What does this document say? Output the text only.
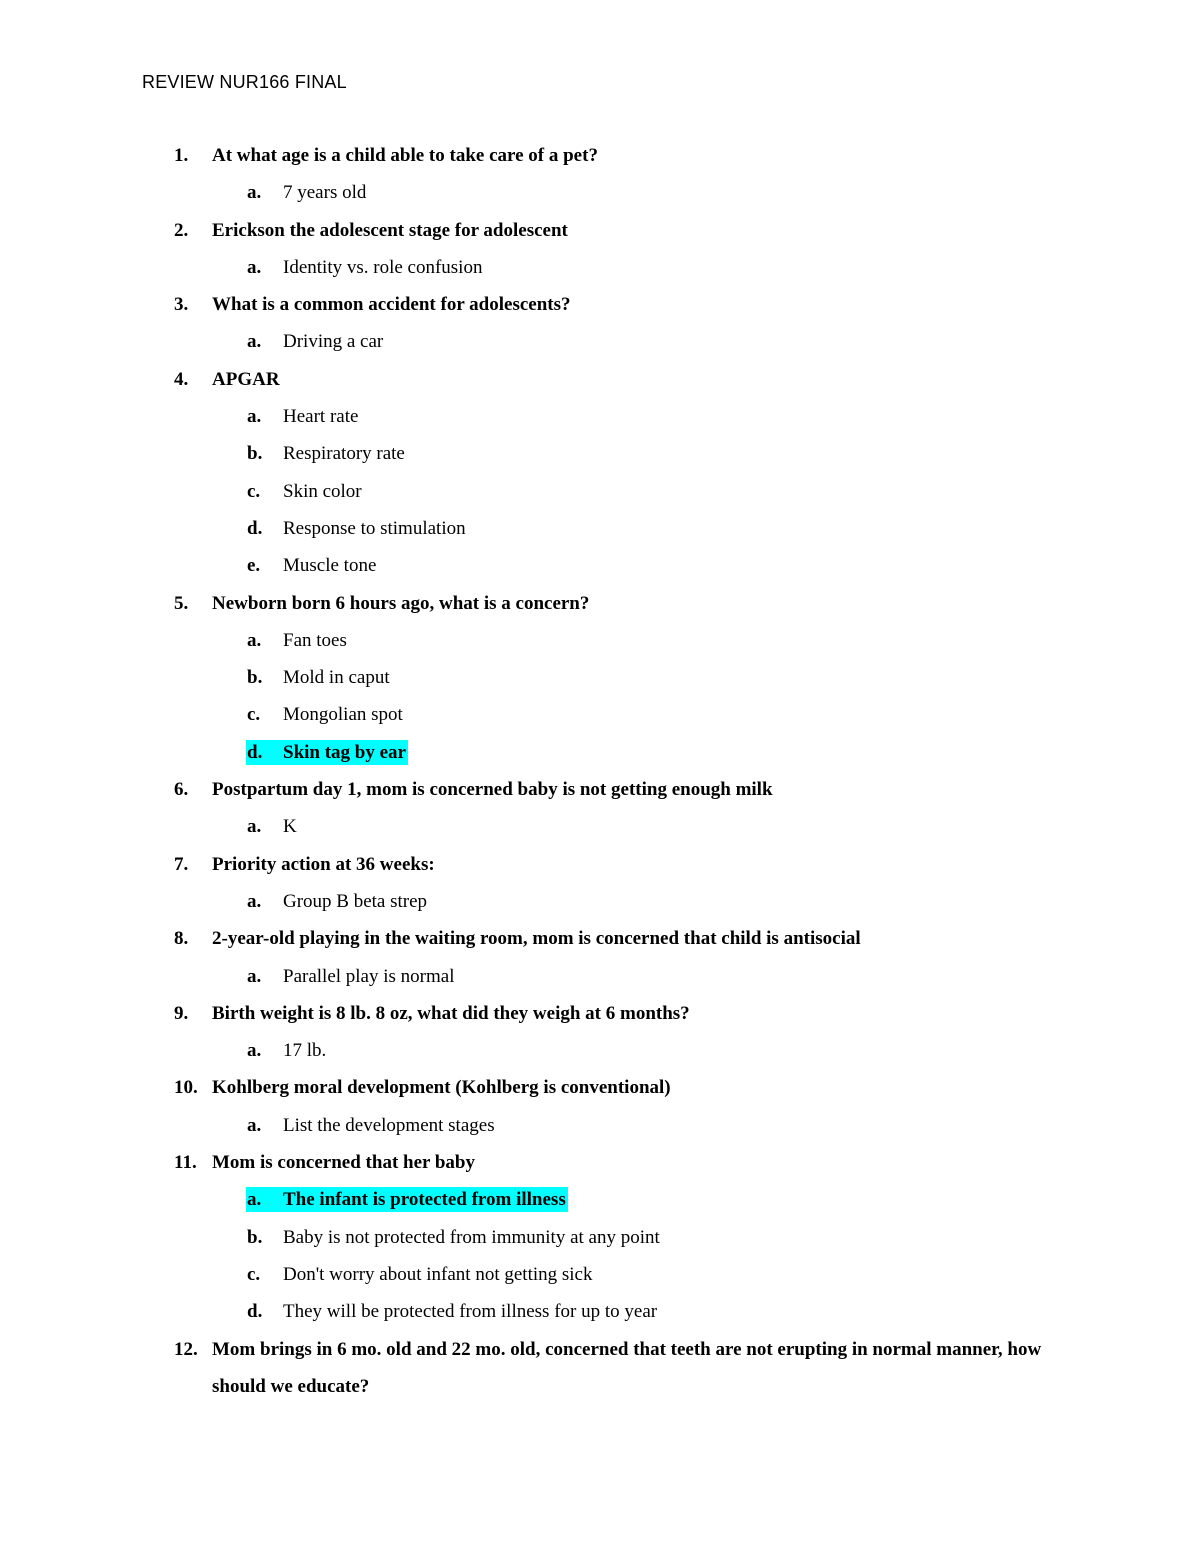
REVIEW NUR166 FINAL
1. At what age is a child able to take care of a pet?
a. 7 years old
2. Erickson the adolescent stage for adolescent
a. Identity vs. role confusion
3. What is a common accident for adolescents?
a. Driving a car
4. APGAR
a. Heart rate
b. Respiratory rate
c. Skin color
d. Response to stimulation
e. Muscle tone
5. Newborn born 6 hours ago, what is a concern?
a. Fan toes
b. Mold in caput
c. Mongolian spot
d. Skin tag by ear
6. Postpartum day 1, mom is concerned baby is not getting enough milk
a. K
7. Priority action at 36 weeks:
a. Group B beta strep
8. 2-year-old playing in the waiting room, mom is concerned that child is antisocial
a. Parallel play is normal
9. Birth weight is 8 lb. 8 oz, what did they weigh at 6 months?
a. 17 lb.
10. Kohlberg moral development (Kohlberg is conventional)
a. List the development stages
11. Mom is concerned that her baby
a. The infant is protected from illness
b. Baby is not protected from immunity at any point
c. Don't worry about infant not getting sick
d. They will be protected from illness for up to year
12. Mom brings in 6 mo. old and 22 mo. old, concerned that teeth are not erupting in normal manner, how should we educate?
